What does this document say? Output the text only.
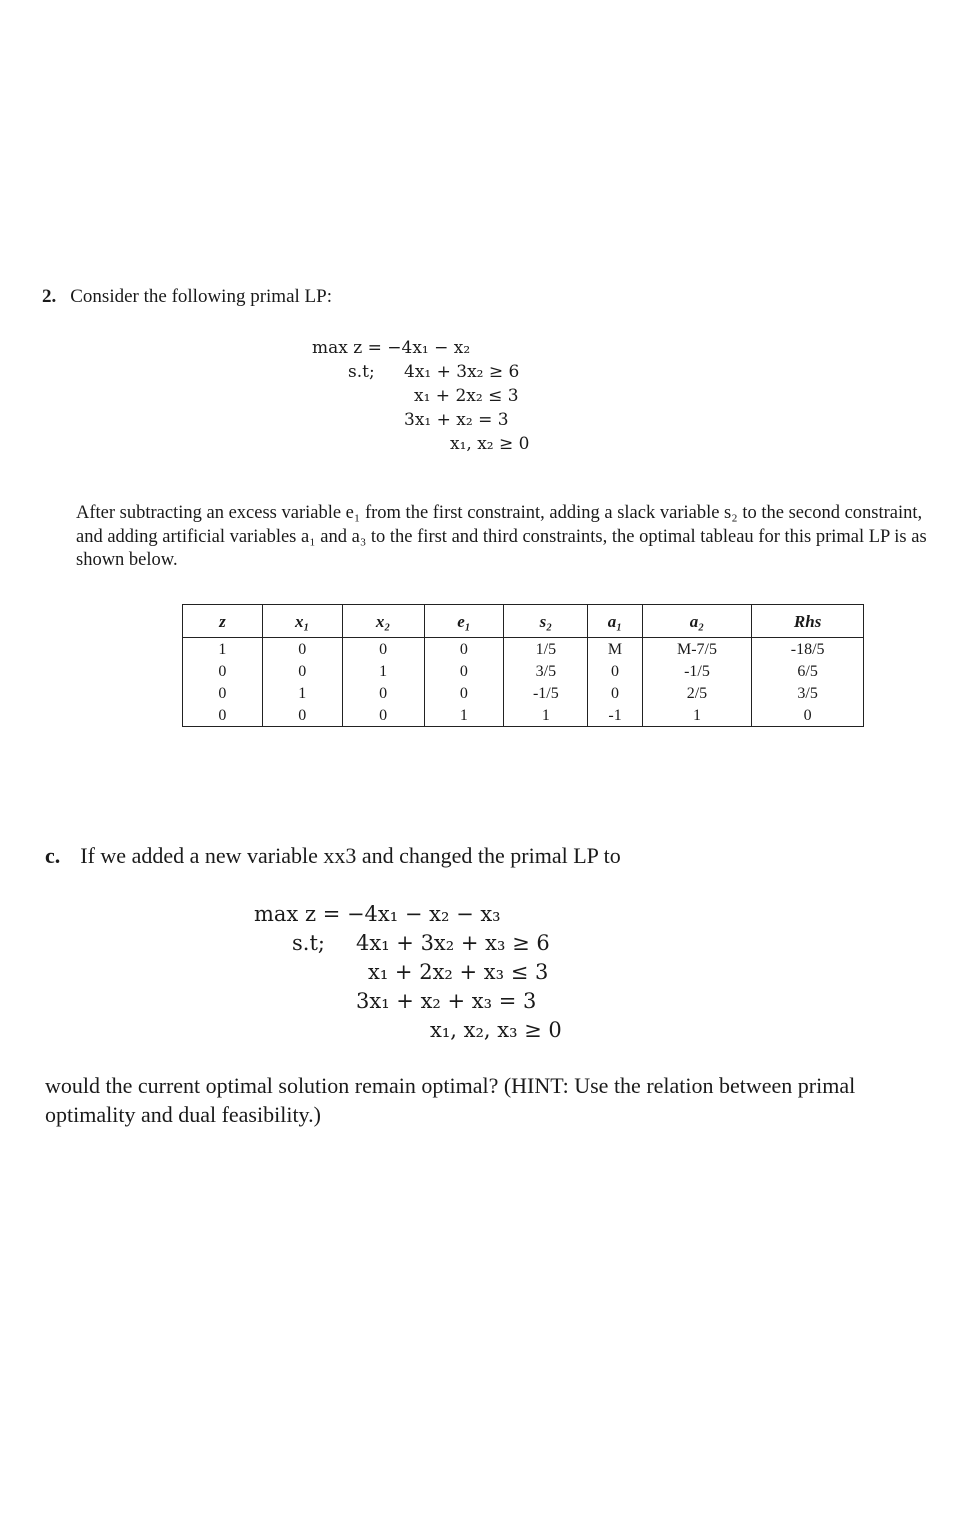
2. Consider the following primal LP:

max z = −4x₁ − x₂

s.t;

4x₁ + 3x₂ ≥ 6

x₁ + 2x₂ ≤ 3

3x₁ + x₂ = 3

x₁, x₂ ≥ 0

After subtracting an excess variable e₁ from the first constraint, adding a slack variable s₂ to the second constraint, and adding artificial variables a₁ and a₃ to the first and third constraints, the optimal tableau for this primal LP is as shown below.
z	x₁	x₂	e₁	s₂	a₁	a₂	Rhs
1	0	0	0	1/5	M	M-7/5	-18/5
0	0	1	0	3/5	0	-1/5	6/5
0	1	0	0	-1/5	0	2/5	3/5
0	0	0	1	1	-1	1	0
c. If we added a new variable xx3 and changed the primal LP to

max z = −4x₁ − x₂ − x₃

s.t;

4x₁ + 3x₂ + x₃ ≥ 6

x₁ + 2x₂ + x₃ ≤ 3

3x₁ + x₂ + x₃ = 3

x₁, x₂, x₃ ≥ 0

would the current optimal solution remain optimal? (HINT: Use the relation between primal optimality and dual feasibility.)
